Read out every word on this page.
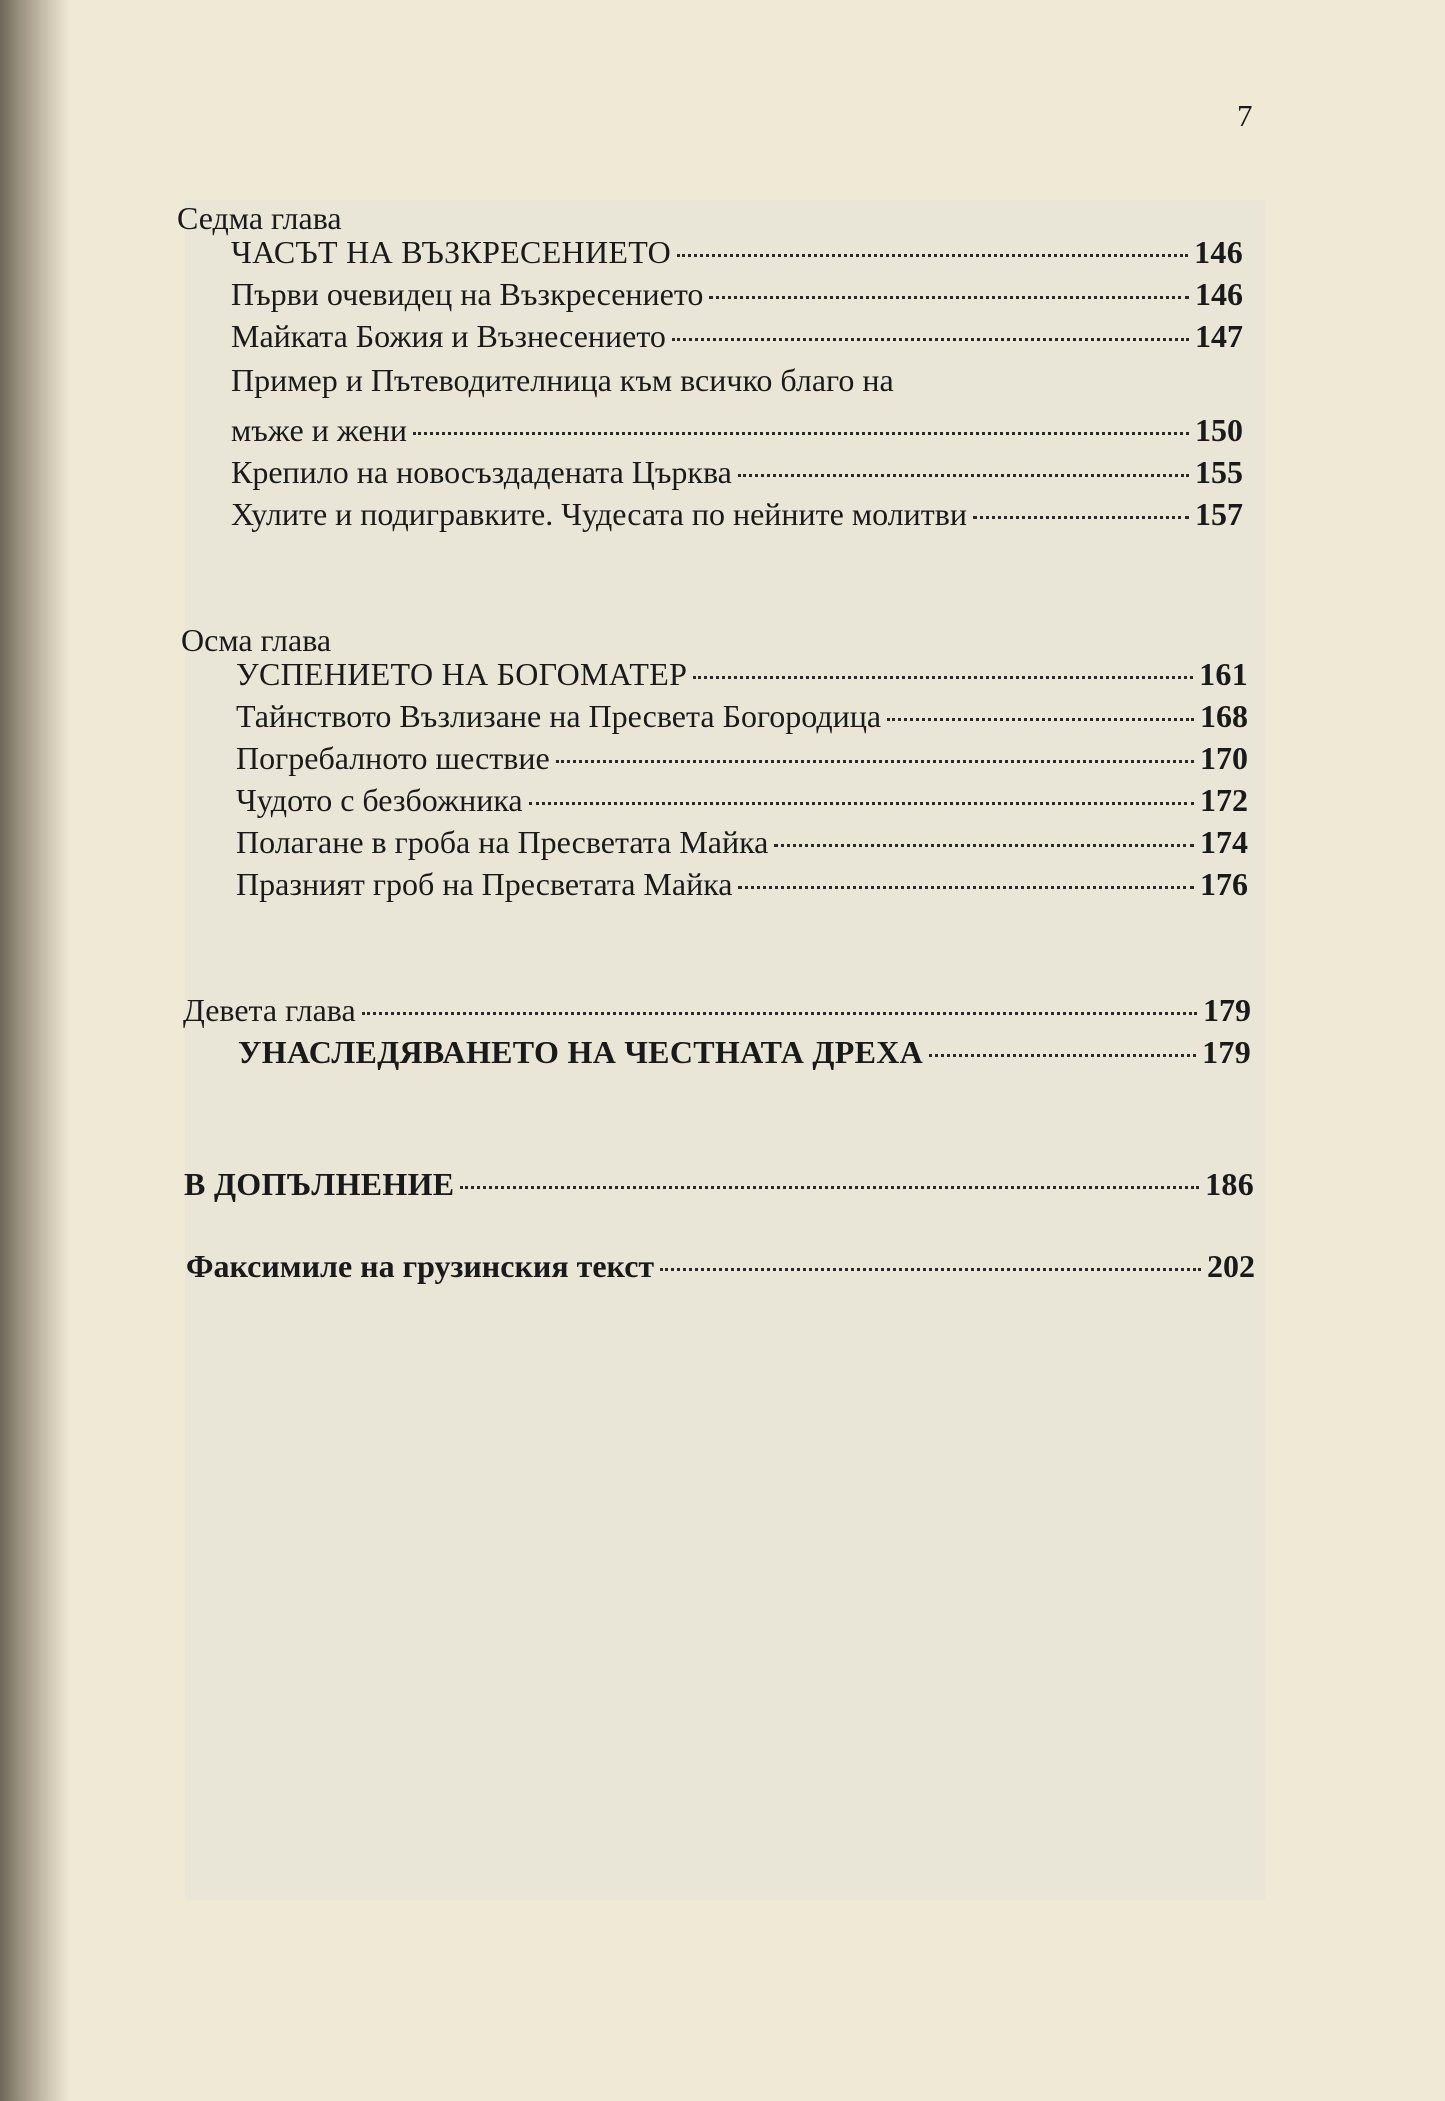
7
Седма глава
ЧАСЪТ НА ВЪЗКРЕСЕНИЕТО	146
Първи очевидец на Възкресението	146
Майката Божия и Възнесението	147
Пример и Пътеводителница към всичко благо на
мъже и жени	150
Крепило на новосъздадената Църква	155
Хулите и подигравките. Чудесата по нейните молитви	157
Осма глава
УСПЕНИЕТО НА БОГОМАТЕР	161
Тайнството Възлизане на Пресвета Богородица	168
Погребалното шествие	170
Чудото с безбожника	172
Полагане в гроба на Пресветата Майка	174
Празният гроб на Пресветата Майка	176
Девета глава	179
УНАСЛЕДЯВАНЕТО НА ЧЕСТНАТА ДРЕХА	179
В ДОПЪЛНЕНИЕ	186
Факсимиле на грузинския текст	202
